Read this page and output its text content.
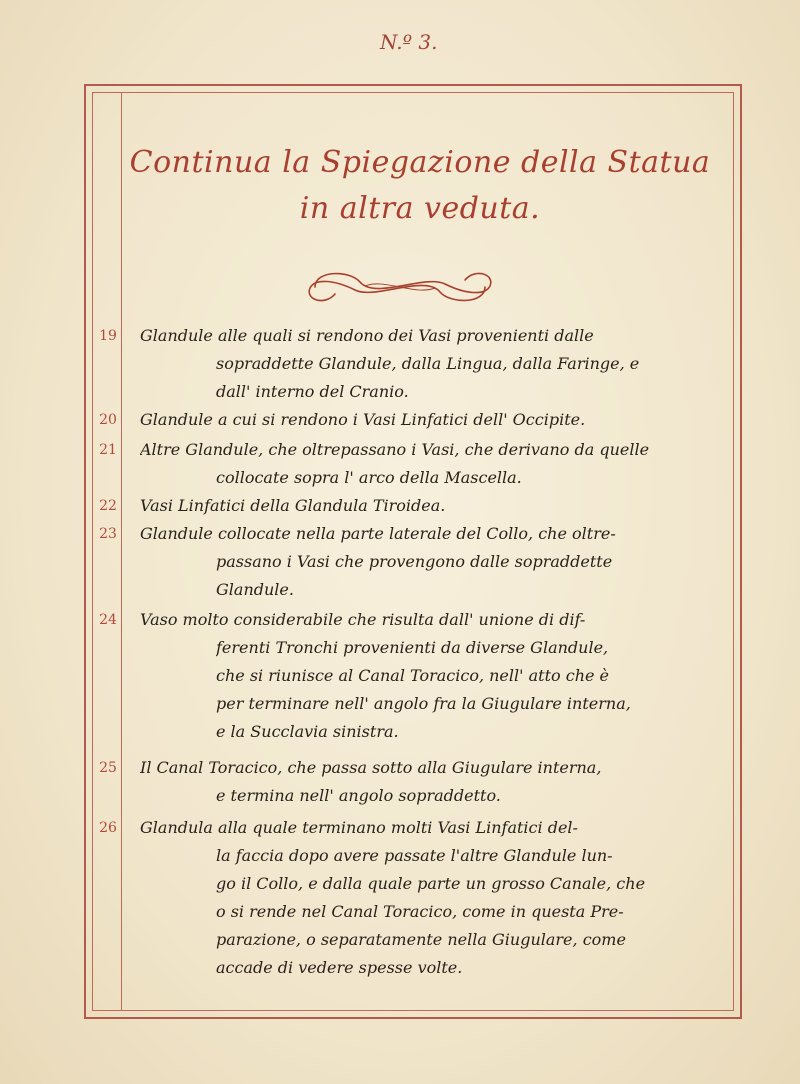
N.º 3.
Continua la Spiegazione della Statua
in altra veduta.
19 Glandule alle quali si rendono dei Vasi provenienti dalle
sopraddette Glandule, dalla Lingua, dalla Faringe, e
dall' interno del Cranio.
20 Glandule a cui si rendono i Vasi Linfatici dell' Occipite.
21 Altre Glandule, che oltrepassano i Vasi, che derivano da quelle
collocate sopra l' arco della Mascella.
22 Vasi Linfatici della Glandula Tiroidea.
23 Glandule collocate nella parte laterale del Collo, che oltre-
passano i Vasi che provengono dalle sopraddette
Glandule.
24 Vaso molto considerabile che risulta dall' unione di dif-
ferenti Tronchi provenienti da diverse Glandule,
che si riunisce al Canal Toracico, nell' atto che è
per terminare nell' angolo fra la Giugulare interna,
e la Succlavia sinistra.
25 Il Canal Toracico, che passa sotto alla Giugulare interna,
e termina nell' angolo sopraddetto.
26 Glandula alla quale terminano molti Vasi Linfatici del-
la faccia dopo avere passate l'altre Glandule lun-
go il Collo, e dalla quale parte un grosso Canale, che
o si rende nel Canal Toracico, come in questa Pre-
parazione, o separatamente nella Giugulare, come
accade di vedere spesse volte.
